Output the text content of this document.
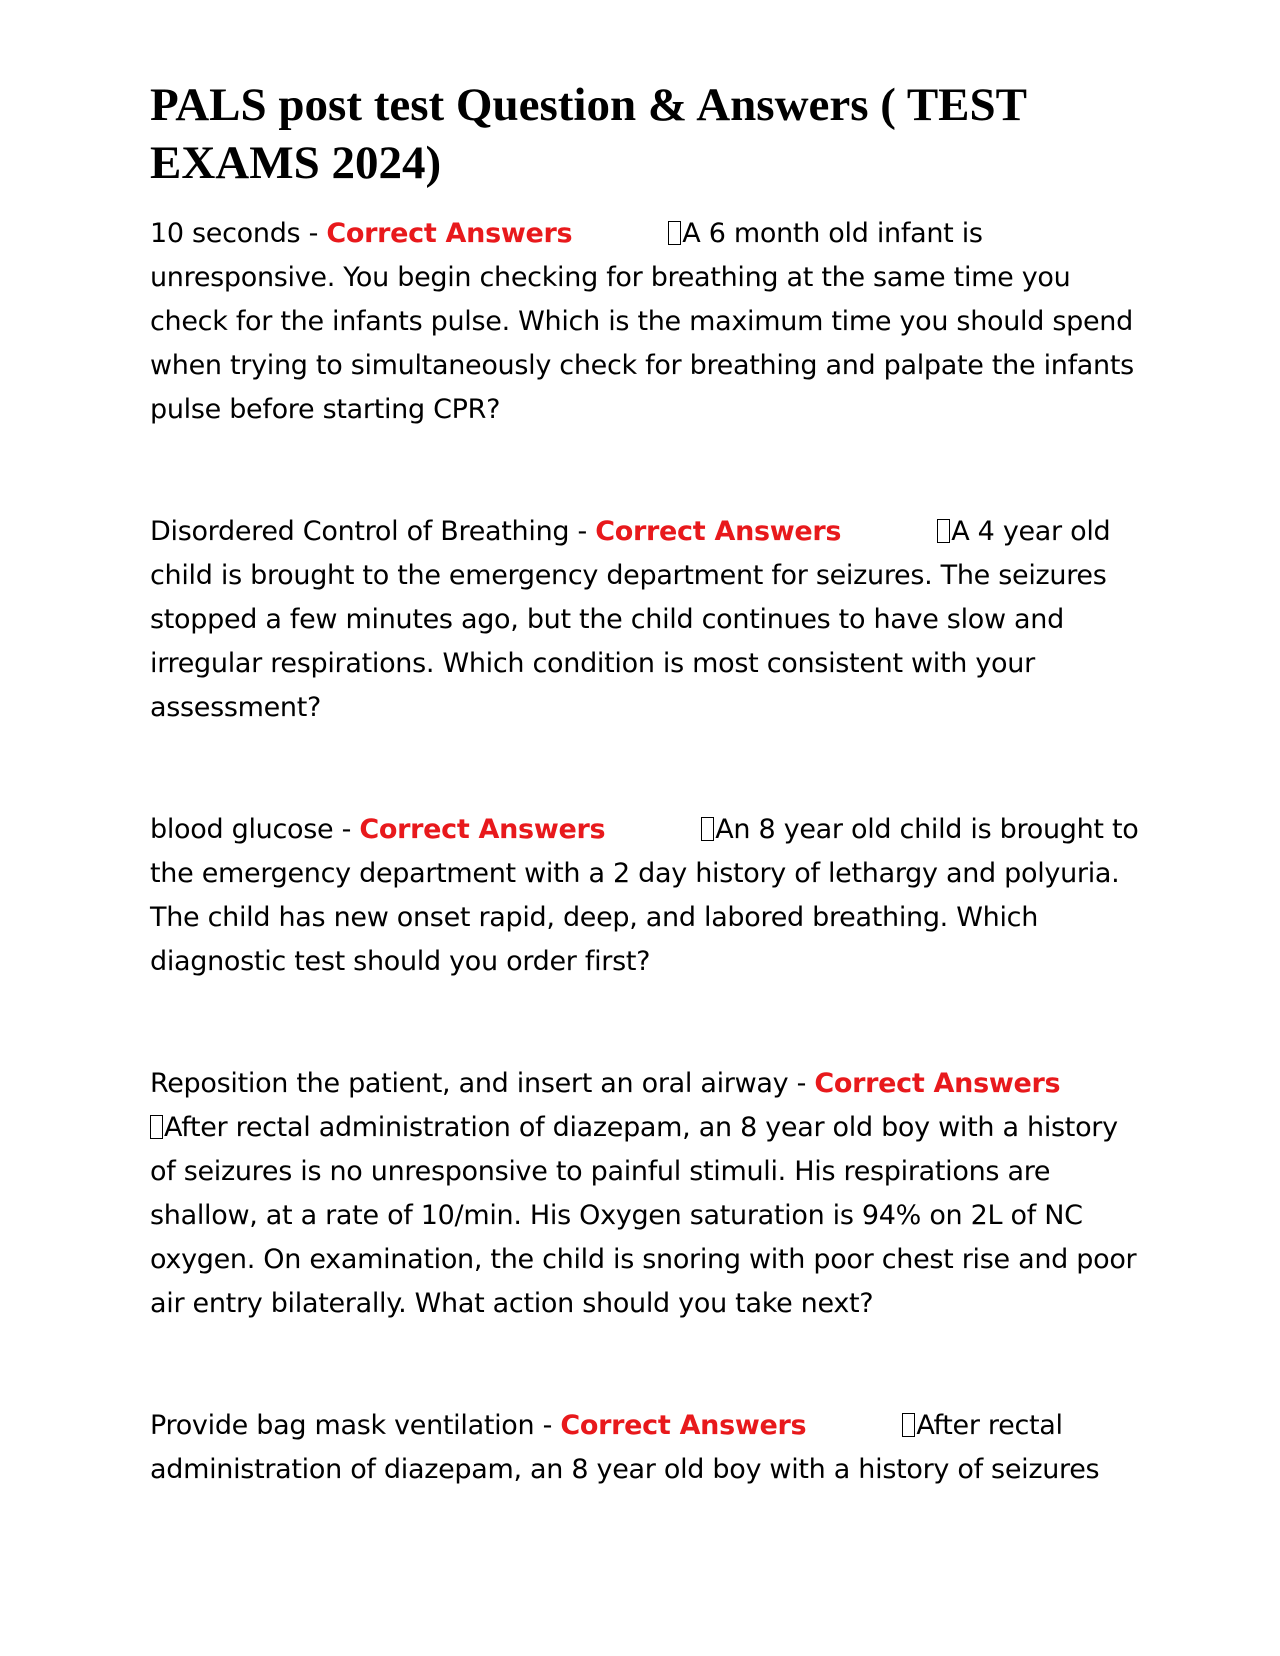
PALS post test Question & Answers ( TEST EXAMS 2024)

10 seconds - Correct Answers	A 6 month old infant is unresponsive. You begin checking for breathing at the same time you check for the infants pulse. Which is the maximum time you should spend when trying to simultaneously check for breathing and palpate the infants pulse before starting CPR?

Disordered Control of Breathing - Correct Answers	A 4 year old child is brought to the emergency department for seizures. The seizures stopped a few minutes ago, but the child continues to have slow and irregular respirations. Which condition is most consistent with your assessment?

blood glucose - Correct Answers	An 8 year old child is brought to the emergency department with a 2 day history of lethargy and polyuria. The child has new onset rapid, deep, and labored breathing. Which diagnostic test should you order first?

Reposition the patient, and insert an oral airway - Correct Answers
After rectal administration of diazepam, an 8 year old boy with a history of seizures is no unresponsive to painful stimuli. His respirations are shallow, at a rate of 10/min. His Oxygen saturation is 94% on 2L of NC oxygen. On examination, the child is snoring with poor chest rise and poor air entry bilaterally. What action should you take next?

Provide bag mask ventilation - Correct Answers	After rectal administration of diazepam, an 8 year old boy with a history of seizures
